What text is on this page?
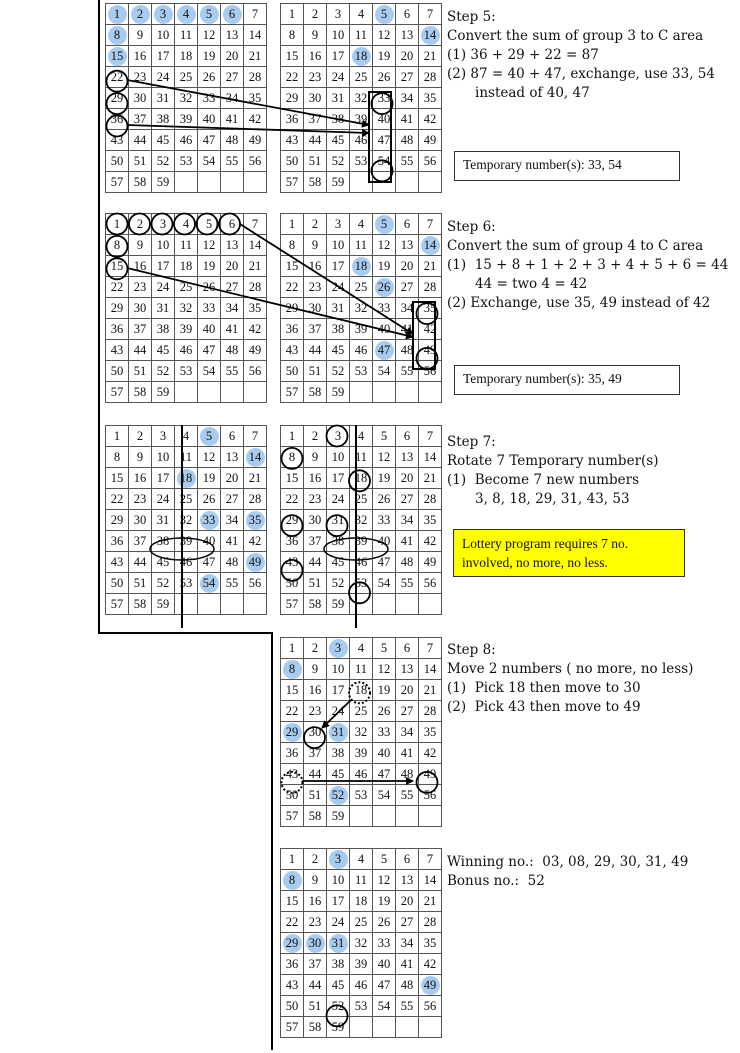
1	2	3	4	5	6	7
8	9	10	11	12	13	14
15	16	17	18	19	20	21
22	23	24	25	26	27	28
29	30	31	32	33	34	35
36	37	38	39	40	41	42
43	44	45	46	47	48	49
50	51	52	53	54	55	56
57	58	59				
1	2	3	4	5	6	7
8	9	10	11	12	13	14
15	16	17	18	19	20	21
22	23	24	25	26	27	28
29	30	31	32	33	34	35
36	37	38	39	40	41	42
43	44	45	46	47	48	49
50	51	52	53	54	55	56
57	58	59				
1	2	3	4	5	6	7
8	9	10	11	12	13	14
15	16	17	18	19	20	21
22	23	24	25	26	27	28
29	30	31	32	33	34	35
36	37	38	39	40	41	42
43	44	45	46	47	48	49
50	51	52	53	54	55	56
57	58	59				
1	2	3	4	5	6	7
8	9	10	11	12	13	14
15	16	17	18	19	20	21
22	23	24	25	26	27	28
29	30	31	32	33	34	35
36	37	38	39	40	41	42
43	44	45	46	47	48	49
50	51	52	53	54	55	56
57	58	59				
1	2	3	4	5	6	7
8	9	10	11	12	13	14
15	16	17	18	19	20	21
22	23	24	25	26	27	28
29	30	31	32	33	34	35
36	37	38	39	40	41	42
43	44	45	46	47	48	49
50	51	52	53	54	55	56
57	58	59				
1	2	3	4	5	6	7
8	9	10	11	12	13	14
15	16	17	18	19	20	21
22	23	24	25	26	27	28
29	30	31	32	33	34	35
36	37	38	39	40	41	42
43	44	45	46	47	48	49
50	51	52	53	54	55	56
57	58	59				
1	2	3	4	5	6	7
8	9	10	11	12	13	14
15	16	17	18	19	20	21
22	23	24	25	26	27	28
29	30	31	32	33	34	35
36	37	38	39	40	41	42
43	44	45	46	47	48	49
50	51	52	53	54	55	56
57	58	59				
1	2	3	4	5	6	7
8	9	10	11	12	13	14
15	16	17	18	19	20	21
22	23	24	25	26	27	28
29	30	31	32	33	34	35
36	37	38	39	40	41	42
43	44	45	46	47	48	49
50	51	52	53	54	55	56
57	58	59				
Step 5:
Convert the sum of group 3 to C area
(1) 36 + 29 + 22 = 87
(2) 87 = 40 + 47, exchange, use 33, 54
instead of 40, 47
Temporary number(s): 33, 54
Step 6:
Convert the sum of group 4 to C area
(1)  15 + 8 + 1 + 2 + 3 + 4 + 5 + 6 = 44
44 = two 4 = 42
(2) Exchange, use 35, 49 instead of 42
Temporary number(s): 35, 49
Step 7:
Rotate 7 Temporary number(s)
(1)  Become 7 new numbers
3, 8, 18, 29, 31, 43, 53
Lottery program requires 7 no.
involved, no more, no less.
Step 8:
Move 2 numbers ( no more, no less)
(1)  Pick 18 then move to 30
(2)  Pick 43 then move to 49
Winning no.:  03, 08, 29, 30, 31, 49
Bonus no.:  52
